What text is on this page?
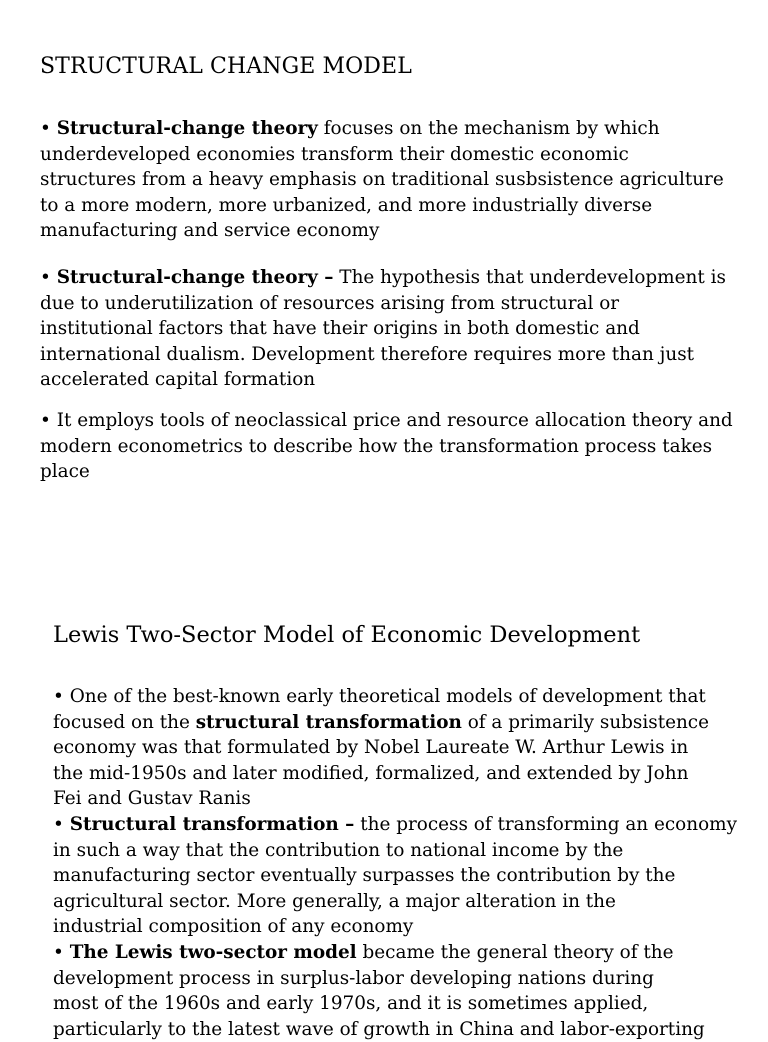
STRUCTURAL CHANGE MODEL
• Structural-change theory focuses on the mechanism by which
underdeveloped economies transform their domestic economic
structures from a heavy emphasis on traditional susbsistence agriculture
to a more modern, more urbanized, and more industrially diverse
manufacturing and service economy
• Structural-change theory – The hypothesis that underdevelopment is
due to underutilization of resources arising from structural or
institutional factors that have their origins in both domestic and
international dualism. Development therefore requires more than just
accelerated capital formation
• It employs tools of neoclassical price and resource allocation theory and
modern econometrics to describe how the transformation process takes
place
Lewis Two-Sector Model of Economic Development
• One of the best-known early theoretical models of development that
focused on the structural transformation of a primarily subsistence
economy was that formulated by Nobel Laureate W. Arthur Lewis in
the mid-1950s and later modified, formalized, and extended by John
Fei and Gustav Ranis
• Structural transformation – the process of transforming an economy
in such a way that the contribution to national income by the
manufacturing sector eventually surpasses the contribution by the
agricultural sector. More generally, a major alteration in the
industrial composition of any economy
• The Lewis two-sector model became the general theory of the
development process in surplus-labor developing nations during
most of the 1960s and early 1970s, and it is sometimes applied,
particularly to the latest wave of growth in China and labor-exporting
